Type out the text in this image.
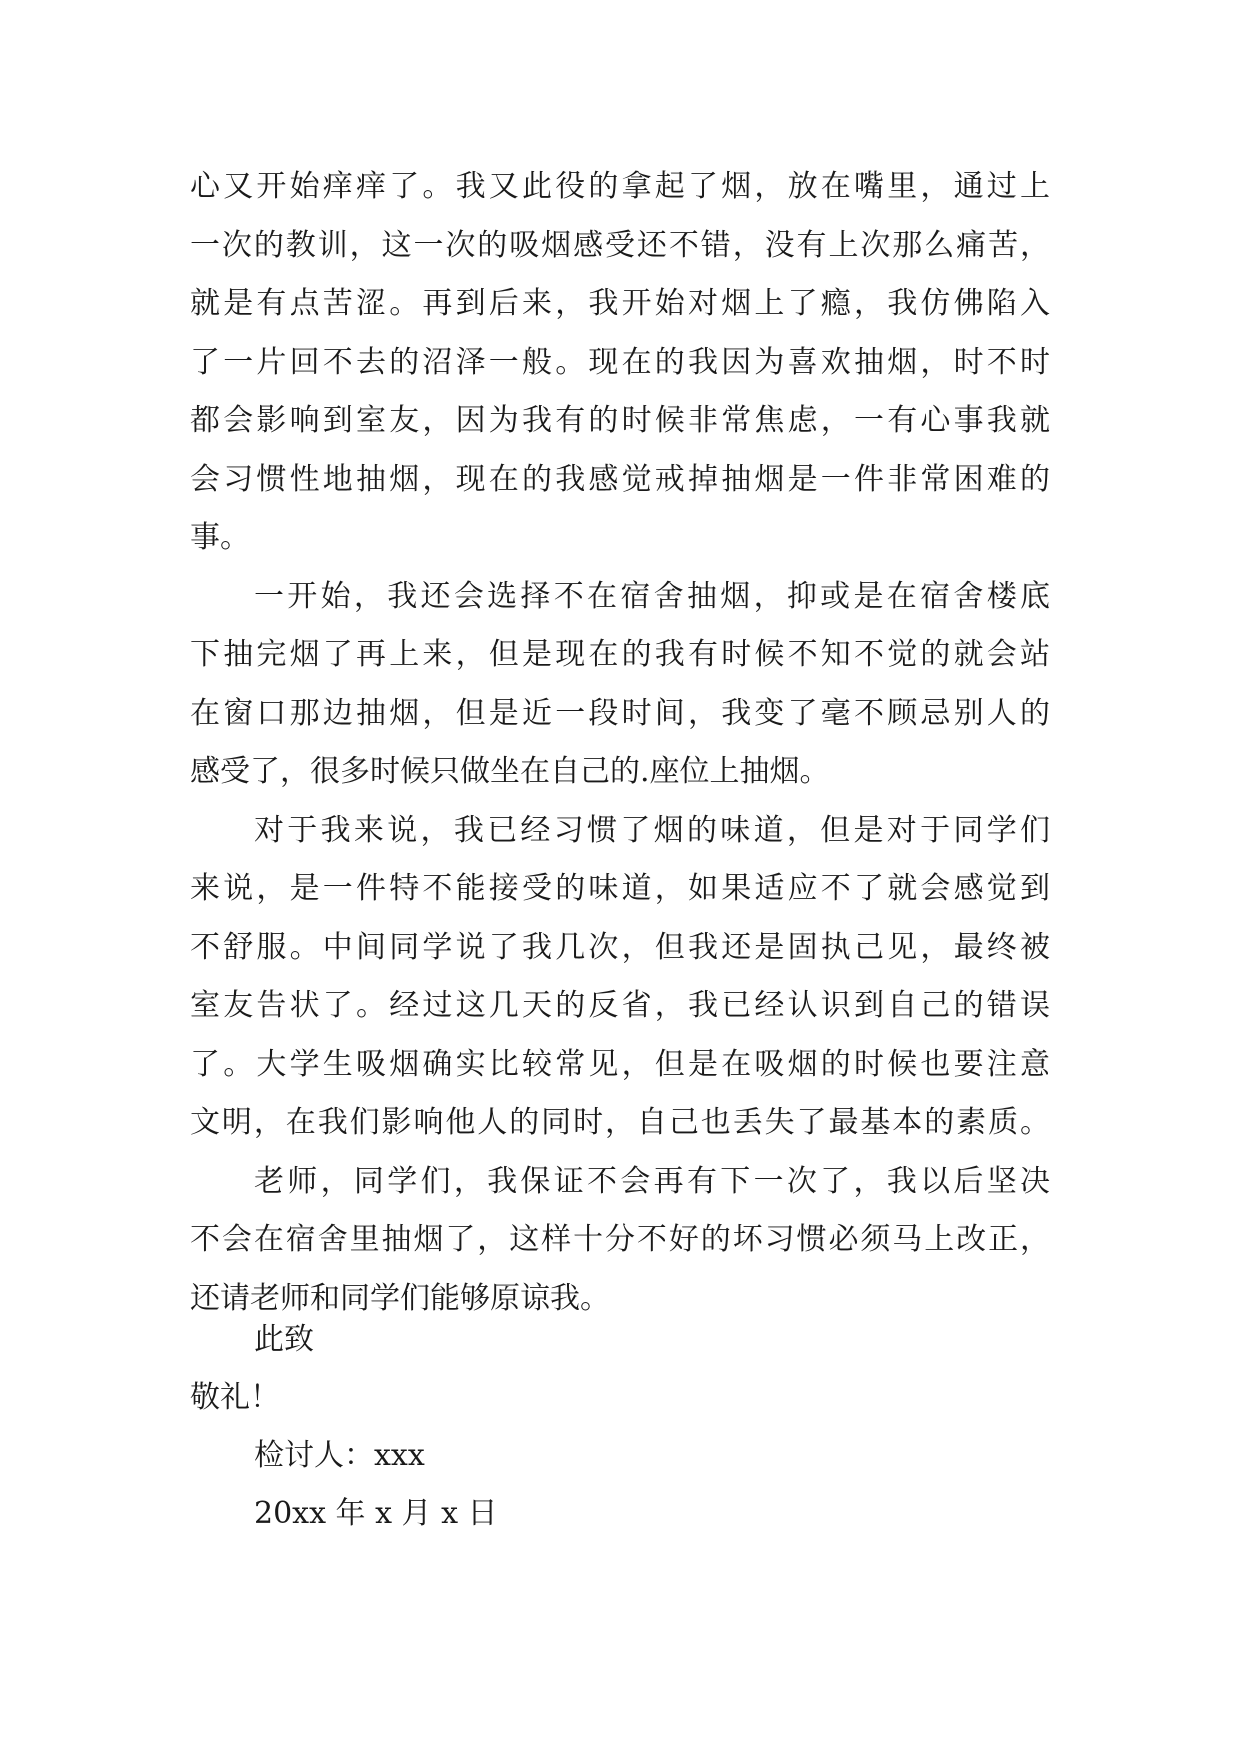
心又开始痒痒了。我又此役的拿起了烟，放在嘴里，通过上
一次的教训，这一次的吸烟感受还不错，没有上次那么痛苦，
就是有点苦涩。再到后来，我开始对烟上了瘾，我仿佛陷入
了一片回不去的沼泽一般。现在的我因为喜欢抽烟，时不时
都会影响到室友，因为我有的时候非常焦虑，一有心事我就
会习惯性地抽烟，现在的我感觉戒掉抽烟是一件非常困难的
事。
一开始，我还会选择不在宿舍抽烟，抑或是在宿舍楼底
下抽完烟了再上来，但是现在的我有时候不知不觉的就会站
在窗口那边抽烟，但是近一段时间，我变了毫不顾忌别人的
感受了，很多时候只做坐在自己的.座位上抽烟。
对于我来说，我已经习惯了烟的味道，但是对于同学们
来说，是一件特不能接受的味道，如果适应不了就会感觉到
不舒服。中间同学说了我几次，但我还是固执己见，最终被
室友告状了。经过这几天的反省，我已经认识到自己的错误
了。大学生吸烟确实比较常见，但是在吸烟的时候也要注意
文明，在我们影响他人的同时，自己也丢失了最基本的素质。
老师，同学们，我保证不会再有下一次了，我以后坚决
不会在宿舍里抽烟了，这样十分不好的坏习惯必须马上改正，
还请老师和同学们能够原谅我。
此致
敬礼！
检讨人：xxx
20xx 年 x 月 x 日
